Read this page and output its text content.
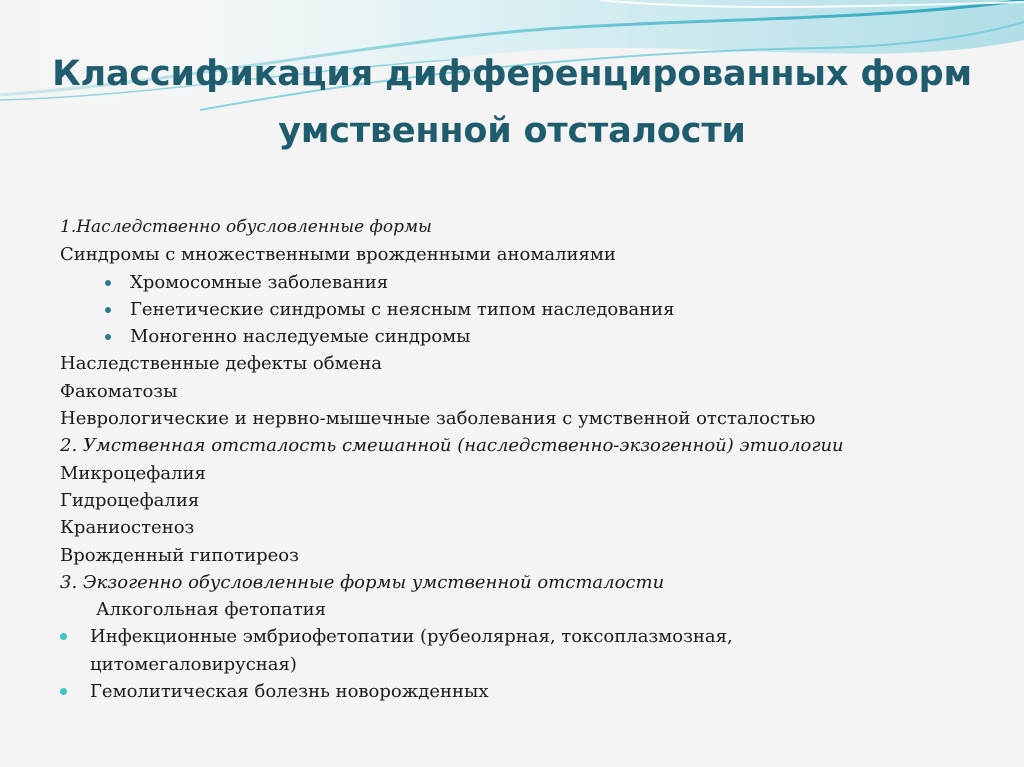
Классификация дифференцированных форм
умственной отсталости
1.Наследственно обусловленные формы
Синдромы с множественными врожденными аномалиями
Хромосомные заболевания
Генетические синдромы с неясным типом наследования
Моногенно наследуемые синдромы
Наследственные дефекты обмена
Факоматозы
Неврологические и нервно-мышечные заболевания с умственной отсталостью
2. Умственная отсталость смешанной (наследственно-экзогенной) этиологии
Микроцефалия
Гидроцефалия
Краниостеноз
Врожденный гипотиреоз
3. Экзогенно обусловленные формы умственной отсталости
Алкогольная фетопатия
Инфекционные эмбриофетопатии (рубеолярная, токсоплазмозная, цитомегаловирусная)
Гемолитическая болезнь новорожденных
